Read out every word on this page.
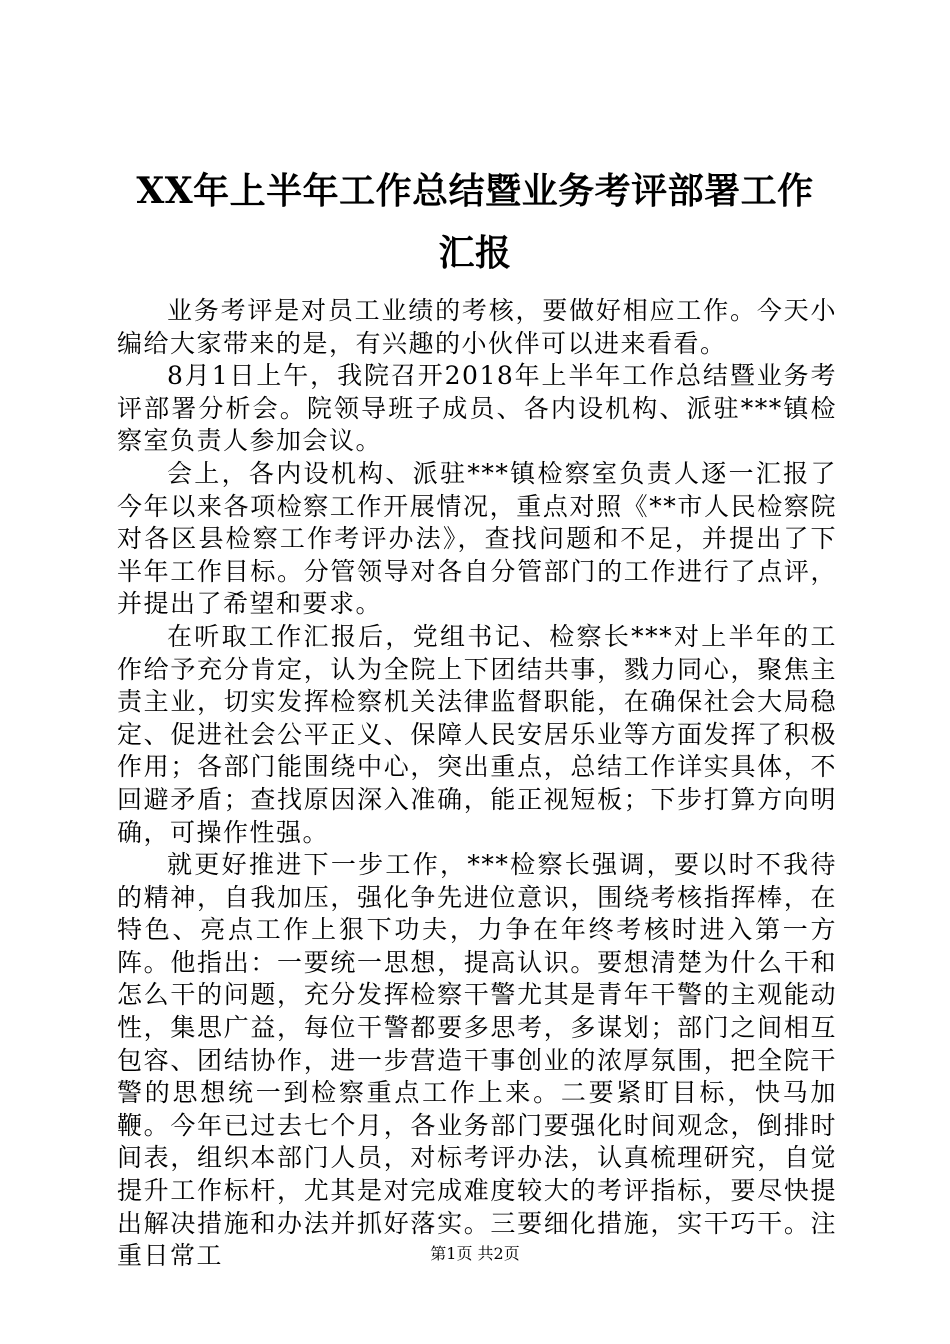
XX年上半年工作总结暨业务考评部署工作汇报

业务考评是对员工业绩的考核，要做好相应工作。今天小编给大家带来的是，有兴趣的小伙伴可以进来看看。

8月1日上午，我院召开2018年上半年工作总结暨业务考评部署分析会。院领导班子成员、各内设机构、派驻***镇检察室负责人参加会议。

会上，各内设机构、派驻***镇检察室负责人逐一汇报了今年以来各项检察工作开展情况，重点对照《**市人民检察院对各区县检察工作考评办法》，查找问题和不足，并提出了下半年工作目标。分管领导对各自分管部门的工作进行了点评，并提出了希望和要求。

在听取工作汇报后，党组书记、检察长***对上半年的工作给予充分肯定，认为全院上下团结共事，戮力同心，聚焦主责主业，切实发挥检察机关法律监督职能，在确保社会大局稳定、促进社会公平正义、保障人民安居乐业等方面发挥了积极作用；各部门能围绕中心，突出重点，总结工作详实具体，不回避矛盾；查找原因深入准确，能正视短板；下步打算方向明确，可操作性强。

就更好推进下一步工作，***检察长强调，要以时不我待的精神，自我加压，强化争先进位意识，围绕考核指挥棒，在特色、亮点工作上狠下功夫，力争在年终考核时进入第一方阵。他指出：一要统一思想，提高认识。要想清楚为什么干和怎么干的问题，充分发挥检察干警尤其是青年干警的主观能动性，集思广益，每位干警都要多思考，多谋划；部门之间相互包容、团结协作，进一步营造干事创业的浓厚氛围，把全院干警的思想统一到检察重点工作上来。二要紧盯目标，快马加鞭。今年已过去七个月，各业务部门要强化时间观念，倒排时间表，组织本部门人员，对标考评办法，认真梳理研究，自觉提升工作标杆，尤其是对完成难度较大的考评指标，要尽快提出解决措施和办法并抓好落实。三要细化措施，实干巧干。注重日常工	第1页 共2页
